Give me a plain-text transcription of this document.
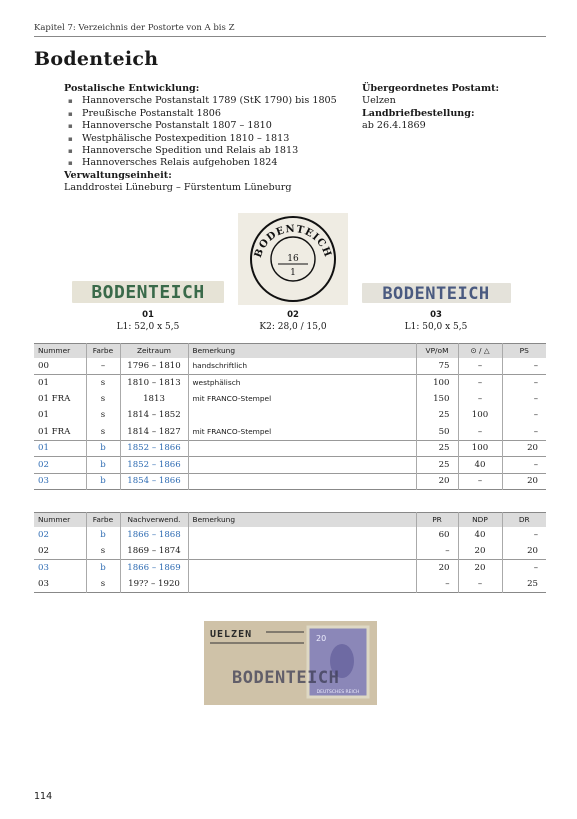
Kapitel 7: Verzeichnis der Postorte von A bis Z
Bodenteich
Postalische Entwicklung:
▪ Hannoversche Postanstalt 1789 (StK 1790) bis 1805
▪ Preußische Postanstalt 1806
▪ Hannoversche Postanstalt 1807 – 1810
▪ Westphälische Postexpedition 1810 – 1813
▪ Hannoversche Spedition und Relais ab 1813
▪ Hannoversches Relais aufgehoben 1824
Verwaltungseinheit:
Landdrostei Lüneburg – Fürstentum Lüneburg
Übergeordnetes Postamt:
Uelzen
Landbriefbestellung:
ab 26.4.1869
BODENTEICH
01
L1: 52,0 x 5,5
BODENTEICH
16
1
02
K2: 28,0 / 15,0
BODENTEICH
03
L1: 50,0 x 5,5
Nummer	Farbe	Zeitraum	Bemerkung	VP/oM	⊙ / △	PS
00	–	1796 – 1810	handschriftlich	75	–	–
01	s	1810 – 1813	westphälisch	100	–	–
01 FRA	s	1813	mit FRANCO-Stempel	150	–	–
01	s	1814 – 1852		25	100	–
01 FRA	s	1814 – 1827	mit FRANCO-Stempel	50	–	–
01	b	1852 – 1866		25	100	20
02	b	1852 – 1866		25	40	–
03	b	1854 – 1866		20	–	20
Nummer	Farbe	Nachverwend.	Bemerkung	PR	NDP	DR
02	b	1866 – 1868		60	40	–
02	s	1869 – 1874		–	20	20
03	b	1866 – 1869		20	20	–
03	s	19?? – 1920		–	–	25
UELZEN	20
DEUTSCHES REICH
BODENTEICH
114
